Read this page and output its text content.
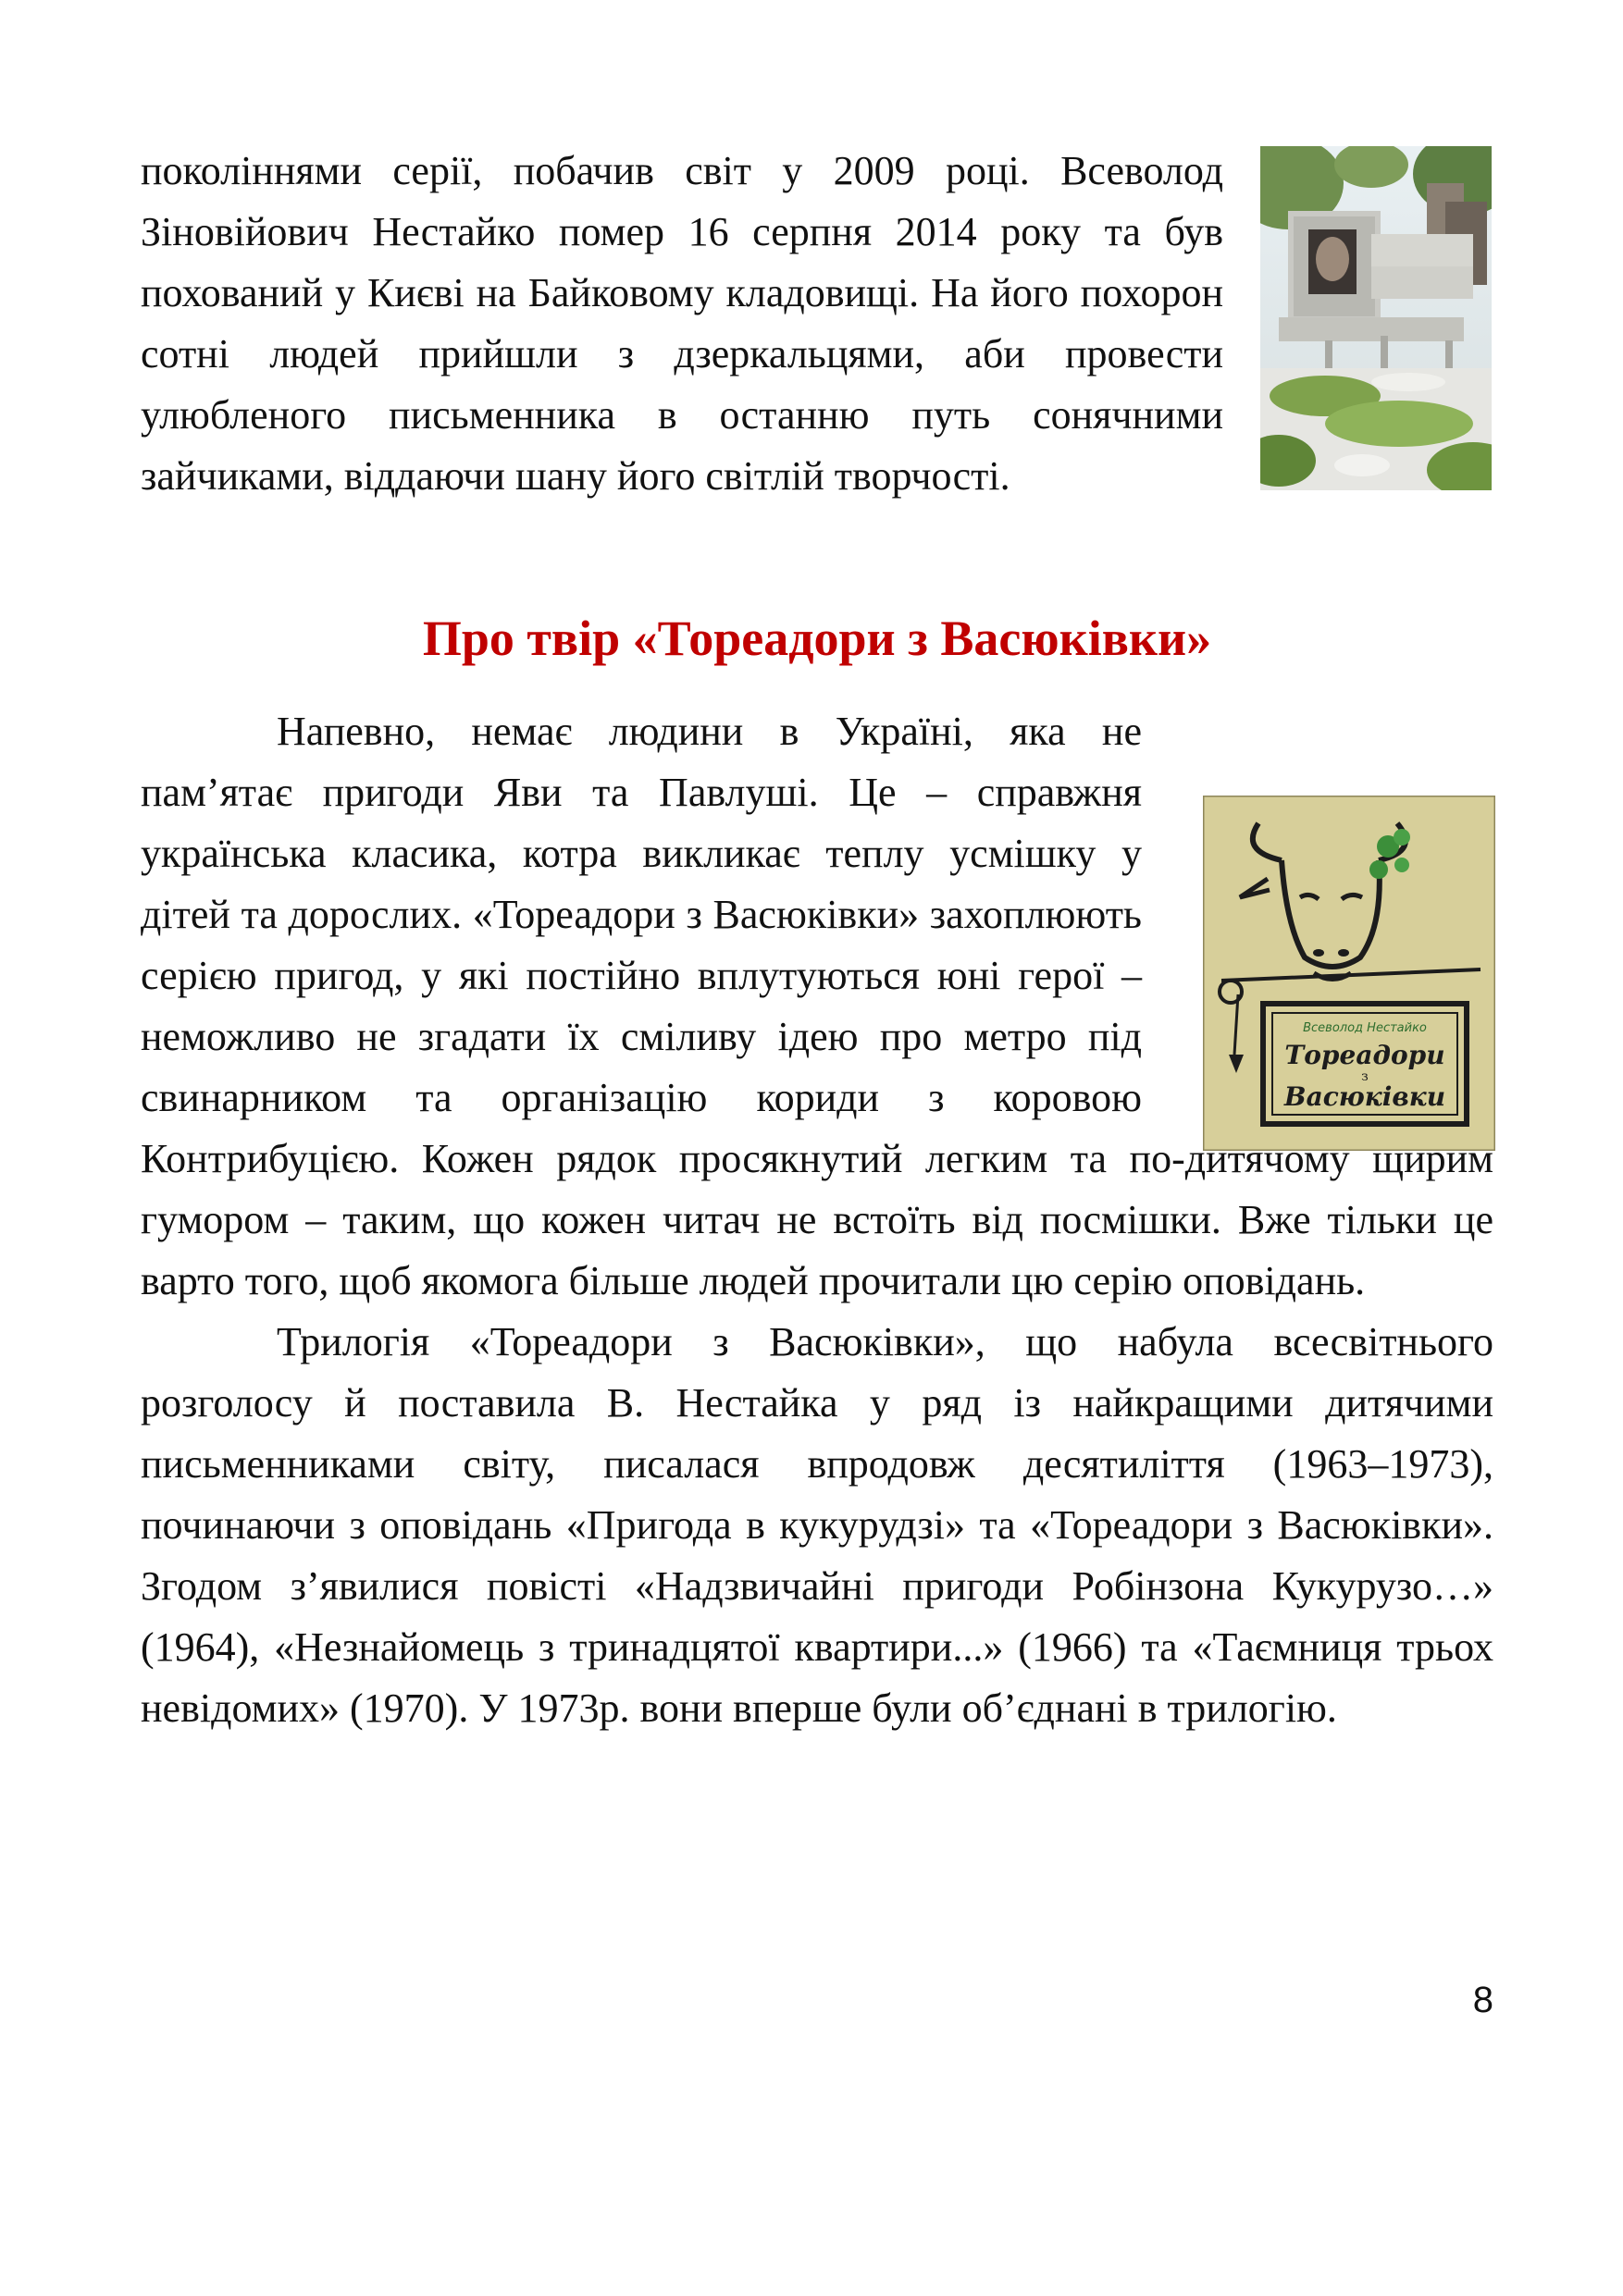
поколіннями серії, побачив світ у 2009 році. Всеволод Зіновійович Нестайко помер 16 серпня 2014 року та був похований у Києві на Байковому кладовищі. На його похорон сотні людей прийшли з дзеркальцями, аби провести улюбленого письменника в останню путь сонячними зайчиками, віддаючи шану його світлій творчості.

Про твір «Тореадори з Васюківки»
Всеволод Нестайко
Тореадори
з
Васюківки

Напевно, немає людини в Україні, яка не пам’ятає пригоди Яви та Павлуші. Це – справжня українська класика, котра викликає теплу усмішку у дітей та дорослих. «Тореадори з Васюківки» захоплюють серією пригод, у які постійно вплутуються юні герої – неможливо не згадати їх сміливу ідею про метро під свинарником та організацію кориди з коровою Контрибуцією. Кожен рядок просякнутий легким та по-дитячому щирим гумором – таким, що кожен читач не встоїть від посмішки. Вже тільки це варто того, щоб якомога більше людей прочитали цю серію оповідань.

Трилогія «Тореадори з Васюківки», що набула всесвітнього розголосу й поставила В. Нестайка у ряд із найкращими дитячими письменниками світу, писалася впродовж десятиліття (1963–1973), починаючи з оповідань «Пригода в кукурудзі» та «Тореадори з Васюківки». Згодом з’явилися повісті «Надзвичайні пригоди Робінзона Кукурузо…» (1964), «Незнайомець з тринадцятої квартири...» (1966) та «Таємниця трьох невідомих» (1970). У 1973р. вони вперше були об’єднані в трилогію.

8
